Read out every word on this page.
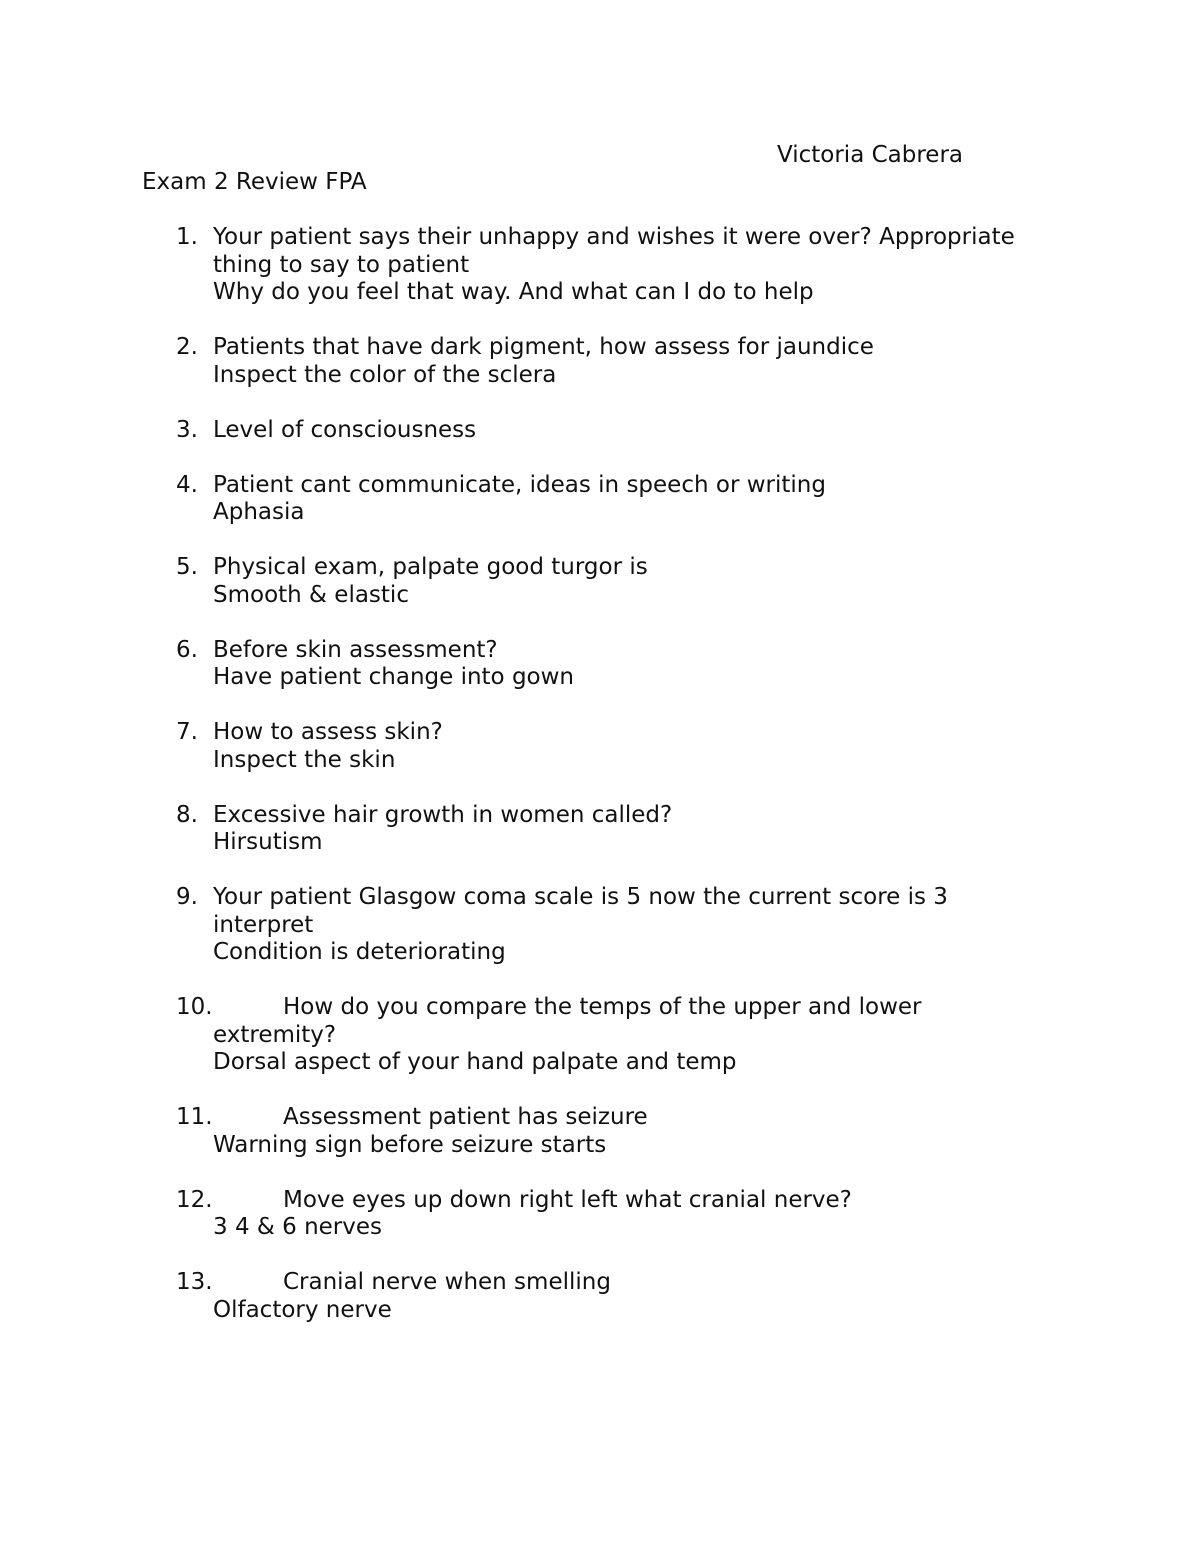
Victoria Cabrera
Exam 2 Review FPA
1. Your patient says their unhappy and wishes it were over? Appropriate thing to say to patient
Why do you feel that way. And what can I do to help
2. Patients that have dark pigment, how assess for jaundice
Inspect the color of the sclera
3. Level of consciousness
4. Patient cant communicate, ideas in speech or writing
Aphasia
5. Physical exam, palpate good turgor is
Smooth & elastic
6. Before skin assessment?
Have patient change into gown
7. How to assess skin?
Inspect the skin
8. Excessive hair growth in women called?
Hirsutism
9. Your patient Glasgow coma scale is 5 now the current score is 3 interpret
Condition is deteriorating
10.	How do you compare the temps of the upper and lower extremity?
Dorsal aspect of your hand palpate and temp
11.	Assessment patient has seizure
Warning sign before seizure starts
12.	Move eyes up down right left what cranial nerve?
3 4 & 6 nerves
13.	Cranial nerve when smelling
Olfactory nerve
